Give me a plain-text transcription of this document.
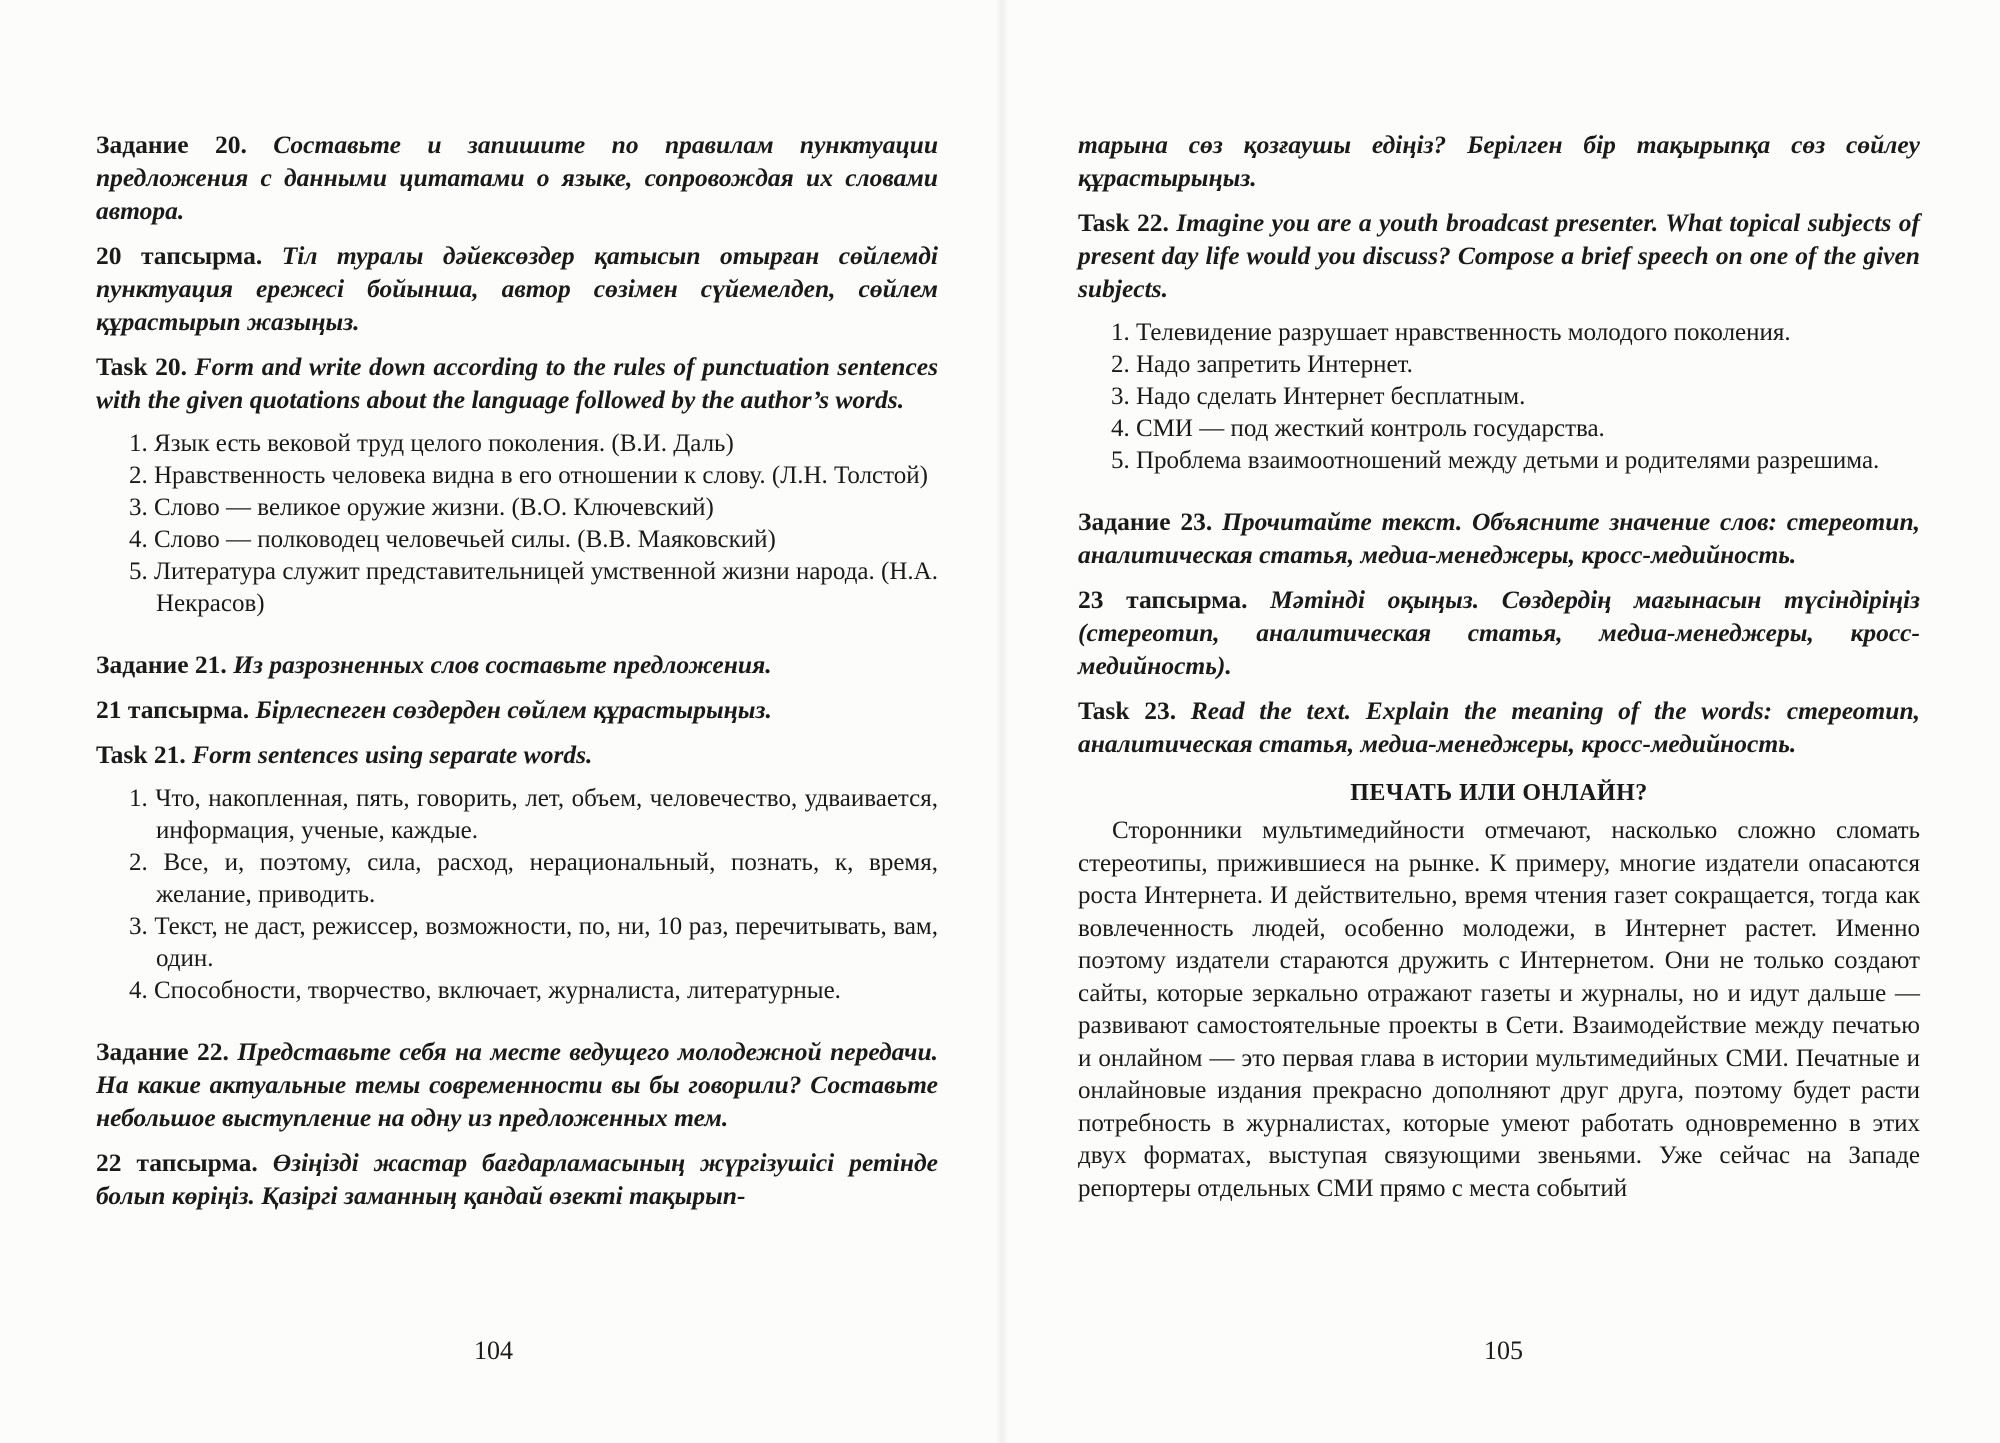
Задание 20. Составьте и запишите по правилам пунктуации предложения с данными цитатами о языке, сопровождая их словами автора.

20 тапсырма. Тіл туралы дәйексөздер қатысып отырған сөйлемді пунктуация ережесі бойынша, автор сөзімен сүйемелдеп, сөйлем құрастырып жазыңыз.

Task 20. Form and write down according to the rules of punctuation sentences with the given quotations about the language followed by the author’s words.

1. Язык есть вековой труд целого поколения. (В.И. Даль)
2. Нравственность человека видна в его отношении к слову. (Л.Н. Толстой)
3. Слово — великое оружие жизни. (В.О. Ключевский)
4. Слово — полководец человечьей силы. (В.В. Маяковский)
5. Литература служит представительницей умственной жизни народа. (Н.А. Некрасов)

Задание 21. Из разрозненных слов составьте предложения.

21 тапсырма. Бірлеспеген сөздерден сөйлем құрастырыңыз.

Task 21. Form sentences using separate words.

1. Что, накопленная, пять, говорить, лет, объем, человечество, удваивается, информация, ученые, каждые.
2. Все, и, поэтому, сила, расход, нерациональный, познать, к, время, желание, приводить.
3. Текст, не даст, режиссер, возможности, по, ни, 10 раз, перечитывать, вам, один.
4. Способности, творчество, включает, журналиста, литературные.

Задание 22. Представьте себя на месте ведущего молодежной передачи. На какие актуальные темы современности вы бы говорили? Составьте небольшое выступление на одну из предложенных тем.

22 тапсырма. Өзіңізді жастар бағдарламасының жүргізушісі ретінде болып көріңіз. Қазіргі заманның қандай өзекті тақырып-

104

тарына сөз қозғаушы едіңіз? Берілген бір тақырыпқа сөз сөйлеу құрастырыңыз.

Task 22. Imagine you are a youth broadcast presenter. What topical subjects of present day life would you discuss? Compose a brief speech on one of the given subjects.

1. Телевидение разрушает нравственность молодого поколения.
2. Надо запретить Интернет.
3. Надо сделать Интернет бесплатным.
4. СМИ — под жесткий контроль государства.
5. Проблема взаимоотношений между детьми и родителями разрешима.

Задание 23. Прочитайте текст. Объясните значение слов: стереотип, аналитическая статья, медиа-менеджеры, кросс-медийность.

23 тапсырма. Мәтінді оқыңыз. Сөздердің мағынасын түсіндіріңіз (стереотип, аналитическая статья, медиа-менеджеры, кросс-медийность).

Task 23. Read the text. Explain the meaning of the words: стереотип, аналитическая статья, медиа-менеджеры, кросс-медийность.

ПЕЧАТЬ ИЛИ ОНЛАЙН?

Сторонники мультимедийности отмечают, насколько сложно сломать стереотипы, прижившиеся на рынке. К примеру, многие издатели опасаются роста Интернета. И действительно, время чтения газет сокращается, тогда как вовлеченность людей, особенно молодежи, в Интернет растет. Именно поэтому издатели стараются дружить с Интернетом. Они не только создают сайты, которые зеркально отражают газеты и журналы, но и идут дальше — развивают самостоятельные проекты в Сети. Взаимодействие между печатью и онлайном — это первая глава в истории мультимедийных СМИ. Печатные и онлайновые издания прекрасно дополняют друг друга, поэтому будет расти потребность в журналистах, которые умеют работать одновременно в этих двух форматах, выступая связующими звеньями. Уже сейчас на Западе репортеры отдельных СМИ прямо с места событий

105
